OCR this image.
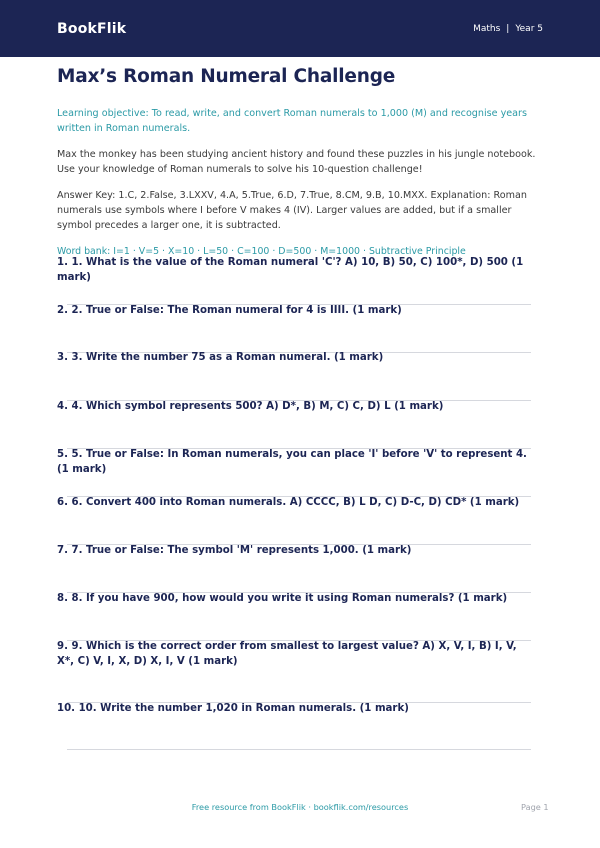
BookFlik	Maths | Year 5
Max’s Roman Numeral Challenge

Learning objective: To read, write, and convert Roman numerals to 1,000 (M) and recognise years written in Roman numerals.

Max the monkey has been studying ancient history and found these puzzles in his jungle notebook. Use your knowledge of Roman numerals to solve his 10-question challenge!

Answer Key: 1.C, 2.False, 3.LXXV, 4.A, 5.True, 6.D, 7.True, 8.CM, 9.B, 10.MXX. Explanation: Roman numerals use symbols where I before V makes 4 (IV). Larger values are added, but if a smaller symbol precedes a larger one, it is subtracted.

Word bank: I=1 · V=5 · X=10 · L=50 · C=100 · D=500 · M=1000 · Subtractive Principle

1. 1. What is the value of the Roman numeral 'C'? A) 10, B) 50, C) 100*, D) 500 (1 mark)
2. 2. True or False: The Roman numeral for 4 is IIII. (1 mark)
3. 3. Write the number 75 as a Roman numeral. (1 mark)
4. 4. Which symbol represents 500? A) D*, B) M, C) C, D) L (1 mark)
5. 5. True or False: In Roman numerals, you can place 'I' before 'V' to represent 4. (1 mark)
6. 6. Convert 400 into Roman numerals. A) CCCC, B) L D, C) D-C, D) CD* (1 mark)
7. 7. True or False: The symbol 'M' represents 1,000. (1 mark)
8. 8. If you have 900, how would you write it using Roman numerals? (1 mark)
9. 9. Which is the correct order from smallest to largest value? A) X, V, I, B) I, V, X*, C) V, I, X, D) X, I, V (1 mark)
10. 10. Write the number 1,020 in Roman numerals. (1 mark)
Free resource from BookFlik · bookflik.com/resources	Page 1
